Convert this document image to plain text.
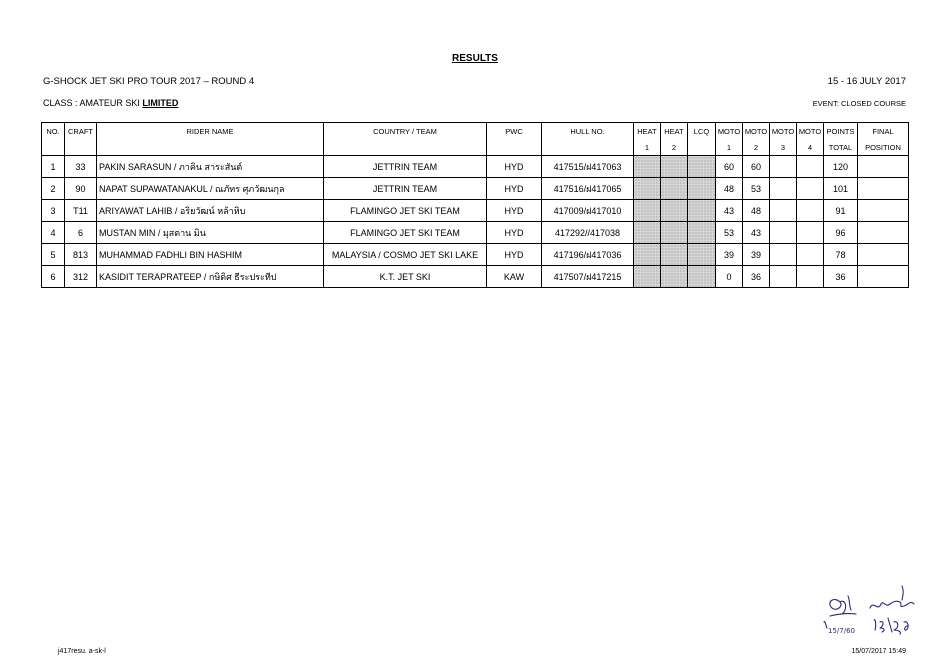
RESULTS
G-SHOCK JET SKI PRO TOUR 2017 – ROUND 4	15 - 16 JULY 2017
CLASS : AMATEUR SKI LIMITED	EVENT: CLOSED COURSE
NO.	CRAFT	RIDER NAME	COUNTRY / TEAM	PWC	HULL NO.	HEAT	HEAT	LCQ	MOTO	MOTO	MOTO	MOTO	POINTS	FINAL
						1	2		1	2	3	4	TOTAL	POSITION
1	33	PAKIN SARASUN / ภาคิน สาระสันต์	JETTRIN TEAM	HYD	417515/ฝ417063				60	60			120	
2	90	NAPAT SUPAWATANAKUL / ณภัทร ศุภวัฒนกุล	JETTRIN TEAM	HYD	417516/ฝ417065				48	53			101	
3	T11	ARIYAWAT LAHIB / อริยวัฒน์ หล้าหิบ	FLAMINGO JET SKI TEAM	HYD	417009/ฝ417010				43	48			91	
4	6	MUSTAN MIN / มุสตาน มิน	FLAMINGO JET SKI TEAM	HYD	417292//417038				53	43			96	
5	813	MUHAMMAD FADHLI BIN HASHIM	MALAYSIA / COSMO JET SKI LAKE	HYD	417196/ฝ417036				39	39			78	
6	312	KASIDIT TERAPRATEEP / กษิดิศ ธีระประทีป	K.T. JET SKI	KAW	417507/ฝ417215				0	36			36	
15/7/60
j417resu. a-sk-l	15/07/2017 15:49
